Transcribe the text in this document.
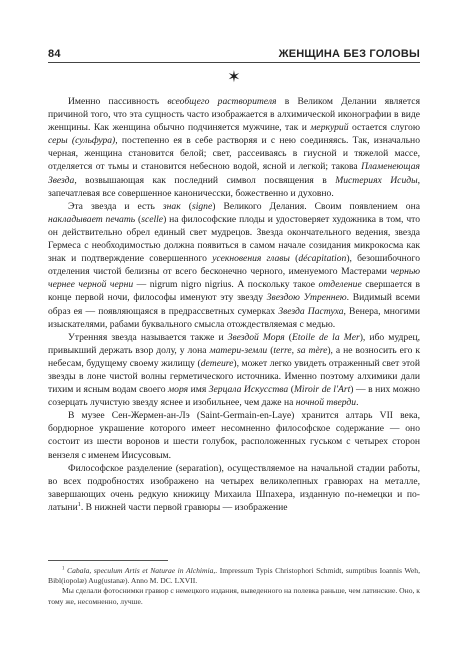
84	ЖЕНЩИНА БЕЗ ГОЛОВЫ
✶

Именно пассивность всеобщего растворителя в Великом Делании является причиной того, что эта сущность часто изображается в алхимической иконографии в виде женщины. Как женщина обычно подчиняется мужчине, так и меркурий остается слугою серы (сульфура), постепенно ея в себе растворяя и с нею соединяясь. Так, изначально черная, женщина становится белой; свет, рассеиваясь в гиусной и тяжелой массе, отделяется от тьмы и становится небесною водой, ясной и легкой; такова Пламенеющая Звезда, возвышающая как последний символ посвящения в Мистериях Исиды, запечатлевая все совершенное каноничесски, божественно и духовно.

Эта звезда и есть знак (signe) Великого Делания. Своим появлением она накладывает печать (scelle) на философские плоды и удостоверяет художника в том, что он действительно обрел единый свет мудрецов. Звезда окончательного ведения, звезда Гермеса с необходимостью должна появиться в самом начале созидания микрокосма как знак и подтверждение совершенного усекновения главы (décapitation), безошибочного отделения чистой белизны от всего бесконечно черного, именуемого Мастерами чернью чернее черной черни — nigrum nigro nigrius. А поскольку такое отделение свершается в конце первой ночи, философы именуют эту звезду Звездою Утреннею. Видимый всеми образ ея — появляющаяся в предрассветных сумерках Звезда Пастуха, Венера, многими изыскателями, рабами буквального смысла отождествляемая с медью.

Утренняя звезда называется также и Звездой Моря (Etoile de la Mer), ибо мудрец, привыкший держать взор долу, у лона матери-земли (terre, sa mère), а не возносить его к небесам, будущему своему жилищу (demeure), может легко увидеть отраженный свет этой звезды в лоне чистой волны герметического источника. Именно поэтому алхимики дали тихим и ясным водам своего моря имя Зерцала Искусства (Miroir de l'Art) — в них можно созерцать лучистую звезду яснее и изобильнее, чем даже на ночной тверди.

В музее Сен-Жермен-ан-Лэ (Saint-Germain-en-Laye) хранится алтарь VII века, бордюрное украшение которого имеет несомненно философское содержание — оно состоит из шести воронов и шести голубок, расположенных гуськом с четырех сторон вензеля с именем Иисусовым.

Философское разделение (separation), осуществляемое на начальной стадии работы, во всех подробностях изображено на четырех великолепных гравюрах на металле, завершающих очень редкую книжицу Михаила Шпахера, изданную по-немецки и по-латыни$^1$. В нижней части первой гравюры — изображение

$^1$ Cabala, speculum Artis et Naturae in Alchimia,. Impressum Typis Christophori Schmidt, sumptibus Ioannis Weh, Bibl(iopolæ) Aug(ustanæ). Anno M. DC. LXVII.

Мы сделали фотоснимки гравюр с немецкого издания, выведенного на полевка раньше, чем латинские. Оно, к тому же, несомненно, лучше.
